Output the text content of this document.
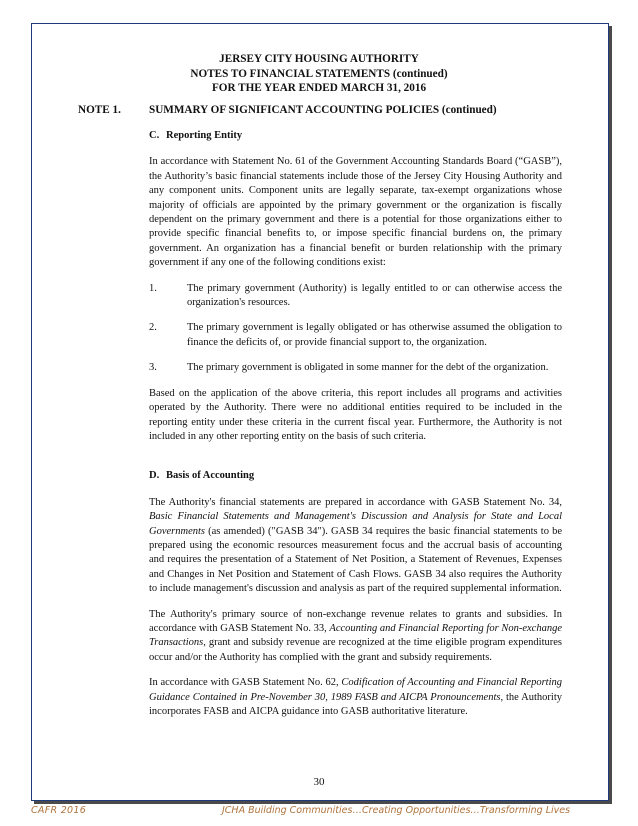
JERSEY CITY HOUSING AUTHORITY
NOTES TO FINANCIAL STATEMENTS (continued)
FOR THE YEAR ENDED MARCH 31, 2016
NOTE 1.	SUMMARY OF SIGNIFICANT ACCOUNTING POLICIES (continued)
C. Reporting Entity

In accordance with Statement No. 61 of the Government Accounting Standards Board (“GASB”), the Authority’s basic financial statements include those of the Jersey City Housing Authority and any component units. Component units are legally separate, tax-exempt organizations whose majority of officials are appointed by the primary government or the organization is fiscally dependent on the primary government and there is a potential for those organizations either to provide specific financial benefits to, or impose specific financial burdens on, the primary government. An organization has a financial benefit or burden relationship with the primary government if any one of the following conditions exist:

1.	The primary government (Authority) is legally entitled to or can otherwise access the organization's resources.
2.	The primary government is legally obligated or has otherwise assumed the obligation to finance the deficits of, or provide financial support to, the organization.
3.	The primary government is obligated in some manner for the debt of the organization.

Based on the application of the above criteria, this report includes all programs and activities operated by the Authority. There were no additional entities required to be included in the reporting entity under these criteria in the current fiscal year. Furthermore, the Authority is not included in any other reporting entity on the basis of such criteria.

D. Basis of Accounting

The Authority's financial statements are prepared in accordance with GASB Statement No. 34, Basic Financial Statements and Management's Discussion and Analysis for State and Local Governments (as amended) ("GASB 34"). GASB 34 requires the basic financial statements to be prepared using the economic resources measurement focus and the accrual basis of accounting and requires the presentation of a Statement of Net Position, a Statement of Revenues, Expenses and Changes in Net Position and Statement of Cash Flows. GASB 34 also requires the Authority to include management's discussion and analysis as part of the required supplemental information.

The Authority's primary source of non-exchange revenue relates to grants and subsidies. In accordance with GASB Statement No. 33, Accounting and Financial Reporting for Non-exchange Transactions, grant and subsidy revenue are recognized at the time eligible program expenditures occur and/or the Authority has complied with the grant and subsidy requirements.

In accordance with GASB Statement No. 62, Codification of Accounting and Financial Reporting Guidance Contained in Pre-November 30, 1989 FASB and AICPA Pronouncements, the Authority incorporates FASB and AICPA guidance into GASB authoritative literature.

30
CAFR 2016	JCHA Building Communities…Creating Opportunities…Transforming Lives
